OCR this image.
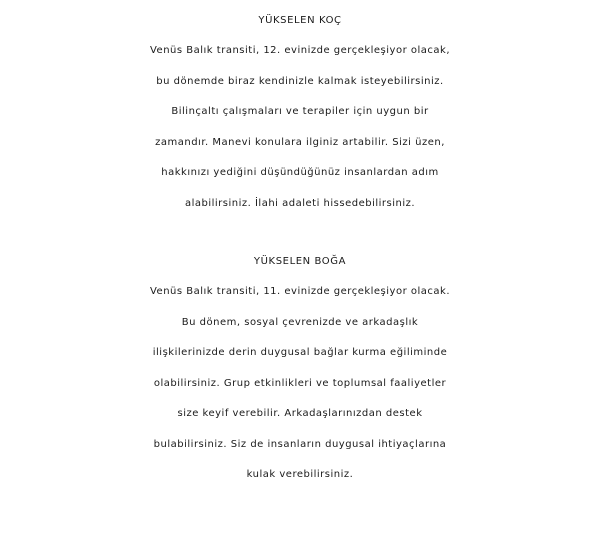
YÜKSELEN KOÇ
Venüs Balık transiti, 12. evinizde gerçekleşiyor olacak,
bu dönemde biraz kendinizle kalmak isteyebilirsiniz.
Bilinçaltı çalışmaları ve terapiler için uygun bir
zamandır. Manevi konulara ilginiz artabilir. Sizi üzen,
hakkınızı yediğini düşündüğünüz insanlardan adım
alabilirsiniz. İlahi adaleti hissedebilirsiniz.
YÜKSELEN BOĞA
Venüs Balık transiti, 11. evinizde gerçekleşiyor olacak.
Bu dönem, sosyal çevrenizde ve arkadaşlık
ilişkilerinizde derin duygusal bağlar kurma eğiliminde
olabilirsiniz. Grup etkinlikleri ve toplumsal faaliyetler
size keyif verebilir. Arkadaşlarınızdan destek
bulabilirsiniz. Siz de insanların duygusal ihtiyaçlarına
kulak verebilirsiniz.
